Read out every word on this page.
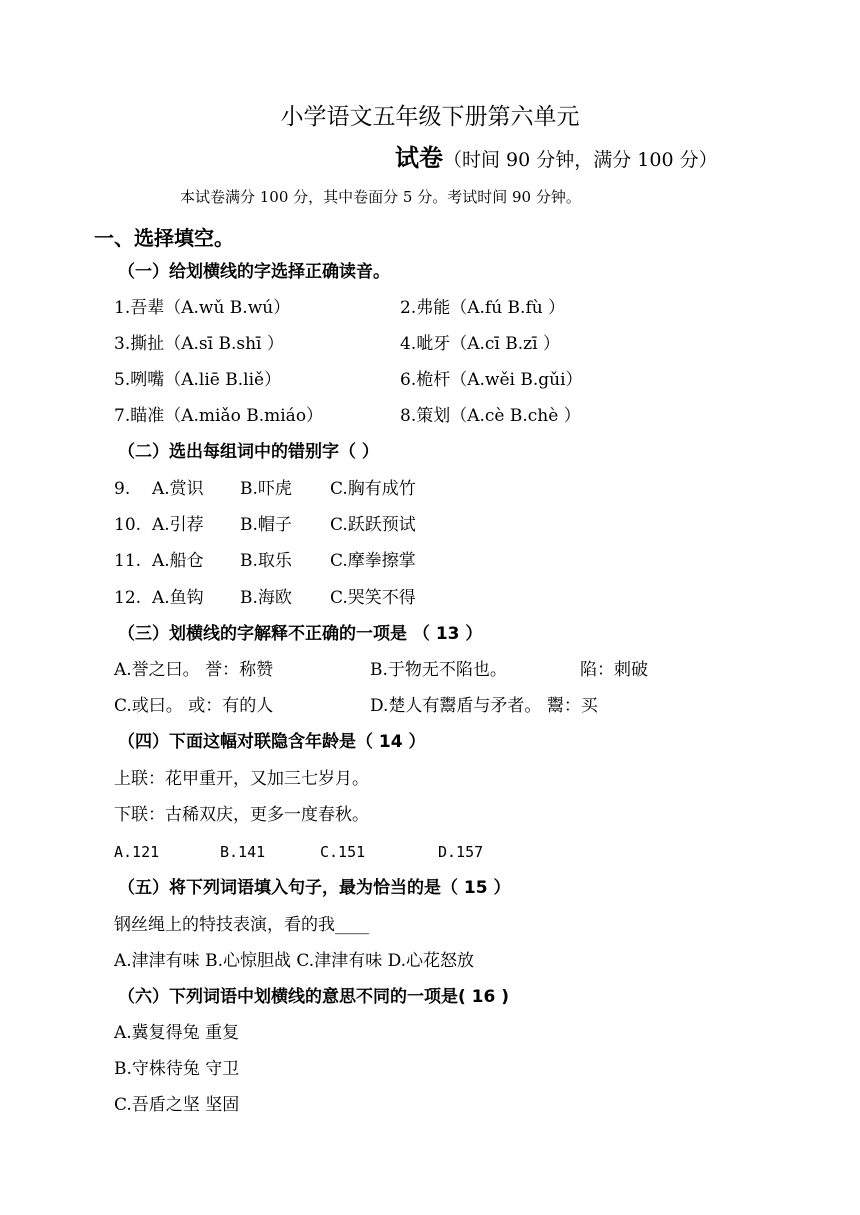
小学语文五年级下册第六单元
试卷（时间 90 分钟，满分 100 分）
本试卷满分 100 分，其中卷面分 5 分。考试时间 90 分钟。
一、选择填空。
（一）给划横线的字选择正确读音。
1.吾辈（A.wǔ B.wú）	2.弗能（A.fú B.fù ）
3.撕扯（A.sī B.shī ）	4.呲牙（A.cī B.zī ）
5.咧嘴（A.liē B.liě）	6.桅杆（A.wěi B.gǔi）
7.瞄准（A.miǎo B.miáo）	8.策划（A.cè B.chè ）
（二）选出每组词中的错别字（ ）
9. A.赏识 B.吓虎 C.胸有成竹
10. A.引荐 B.帽子 C.跃跃预试
11. A.船仓 B.取乐 C.摩拳擦掌
12. A.鱼钩 B.海欧 C.哭笑不得
（三）划横线的字解释不正确的一项是 （ 13 ）
A.誉之曰。 誉：称赞	B.于物无不陷也。	陷：刺破
C.或曰。 或：有的人	D.楚人有鬻盾与矛者。 鬻：买
（四）下面这幅对联隐含年龄是（ 14 ）
上联：花甲重开，又加三七岁月。
下联：古稀双庆，更多一度春秋。
A.121	B.141	C.151	D.157
（五）将下列词语填入句子，最为恰当的是（ 15 ）
钢丝绳上的特技表演，看的我____
A.津津有味 B.心惊胆战 C.津津有味 D.心花怒放
（六）下列词语中划横线的意思不同的一项是( 16 )
A.冀复得兔 重复
B.守株待兔 守卫
C.吾盾之坚 坚固
